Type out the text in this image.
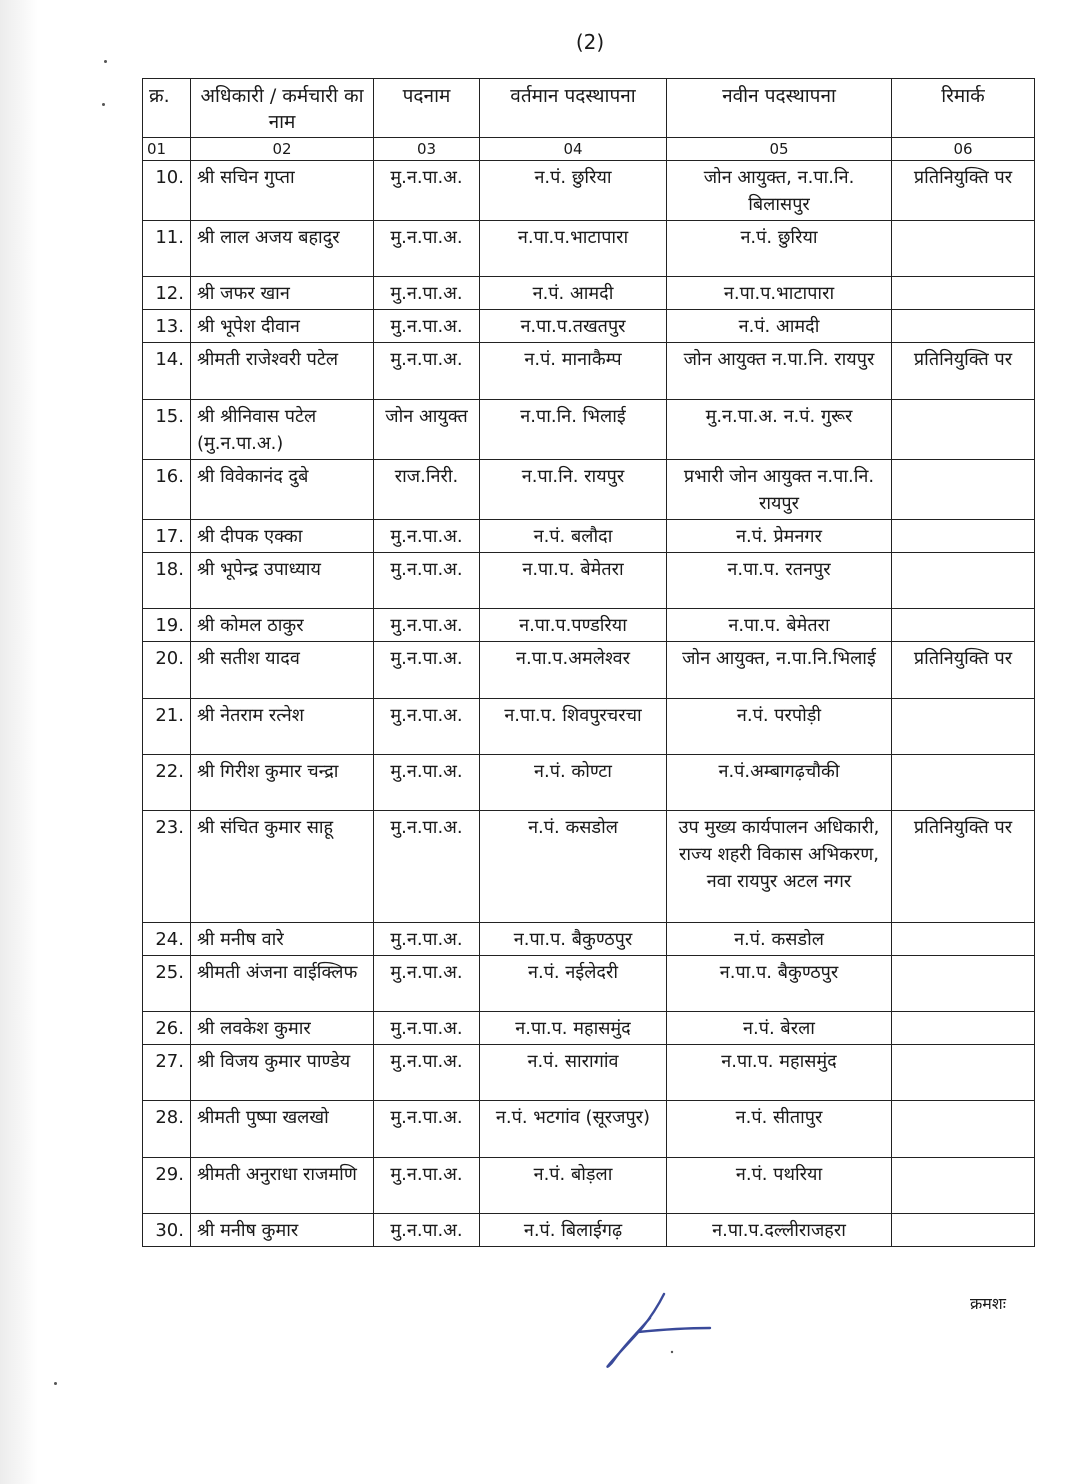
(2)
क्र.	अधिकारी / कर्मचारी का नाम	पदनाम	वर्तमान पदस्थापना	नवीन पदस्थापना	रिमार्क
01	02	03	04	05	06
10.	श्री सचिन गुप्ता	मु.न.पा.अ.	न.पं. छुरिया	जोन आयुक्त, न.पा.नि. बिलासपुर	प्रतिनियुक्ति पर
11.	श्री लाल अजय बहादुर	मु.न.पा.अ.	न.पा.प.भाटापारा	न.पं. छुरिया	
12.	श्री जफर खान	मु.न.पा.अ.	न.पं. आमदी	न.पा.प.भाटापारा	
13.	श्री भूपेश दीवान	मु.न.पा.अ.	न.पा.प.तखतपुर	न.पं. आमदी	
14.	श्रीमती राजेश्वरी पटेल	मु.न.पा.अ.	न.पं. मानाकैम्प	जोन आयुक्त न.पा.नि. रायपुर	प्रतिनियुक्ति पर
15.	श्री श्रीनिवास पटेल (मु.न.पा.अ.)	जोन आयुक्त	न.पा.नि. भिलाई	मु.न.पा.अ. न.पं. गुरूर	
16.	श्री विवेकानंद दुबे	राज.निरी.	न.पा.नि. रायपुर	प्रभारी जोन आयुक्त न.पा.नि. रायपुर	
17.	श्री दीपक एक्का	मु.न.पा.अ.	न.पं. बलौदा	न.पं. प्रेमनगर	
18.	श्री भूपेन्द्र उपाध्याय	मु.न.पा.अ.	न.पा.प. बेमेतरा	न.पा.प. रतनपुर	
19.	श्री कोमल ठाकुर	मु.न.पा.अ.	न.पा.प.पण्डरिया	न.पा.प. बेमेतरा	
20.	श्री सतीश यादव	मु.न.पा.अ.	न.पा.प.अमलेश्वर	जोन आयुक्त, न.पा.नि.भिलाई	प्रतिनियुक्ति पर
21.	श्री नेतराम रत्नेश	मु.न.पा.अ.	न.पा.प. शिवपुरचरचा	न.पं. परपोड़ी	
22.	श्री गिरीश कुमार चन्द्रा	मु.न.पा.अ.	न.पं. कोण्टा	न.पं.अम्बागढ़चौकी	
23.	श्री संचित कुमार साहू	मु.न.पा.अ.	न.पं. कसडोल	उप मुख्य कार्यपालन अधिकारी, राज्य शहरी विकास अभिकरण, नवा रायपुर अटल नगर	प्रतिनियुक्ति पर
24.	श्री मनीष वारे	मु.न.पा.अ.	न.पा.प. बैकुण्ठपुर	न.पं. कसडोल	
25.	श्रीमती अंजना वाईक्लिफ	मु.न.पा.अ.	न.पं. नईलेदरी	न.पा.प. बैकुण्ठपुर	
26.	श्री लवकेश कुमार	मु.न.पा.अ.	न.पा.प. महासमुंद	न.पं. बेरला	
27.	श्री विजय कुमार पाण्डेय	मु.न.पा.अ.	न.पं. सारागांव	न.पा.प. महासमुंद	
28.	श्रीमती पुष्पा खलखो	मु.न.पा.अ.	न.पं. भटगांव (सूरजपुर)	न.पं. सीतापुर	
29.	श्रीमती अनुराधा राजमणि	मु.न.पा.अ.	न.पं. बोड़ला	न.पं. पथरिया	
30.	श्री मनीष कुमार	मु.न.पा.अ.	न.पं. बिलाईगढ़	न.पा.प.दल्लीराजहरा	
क्रमशः
